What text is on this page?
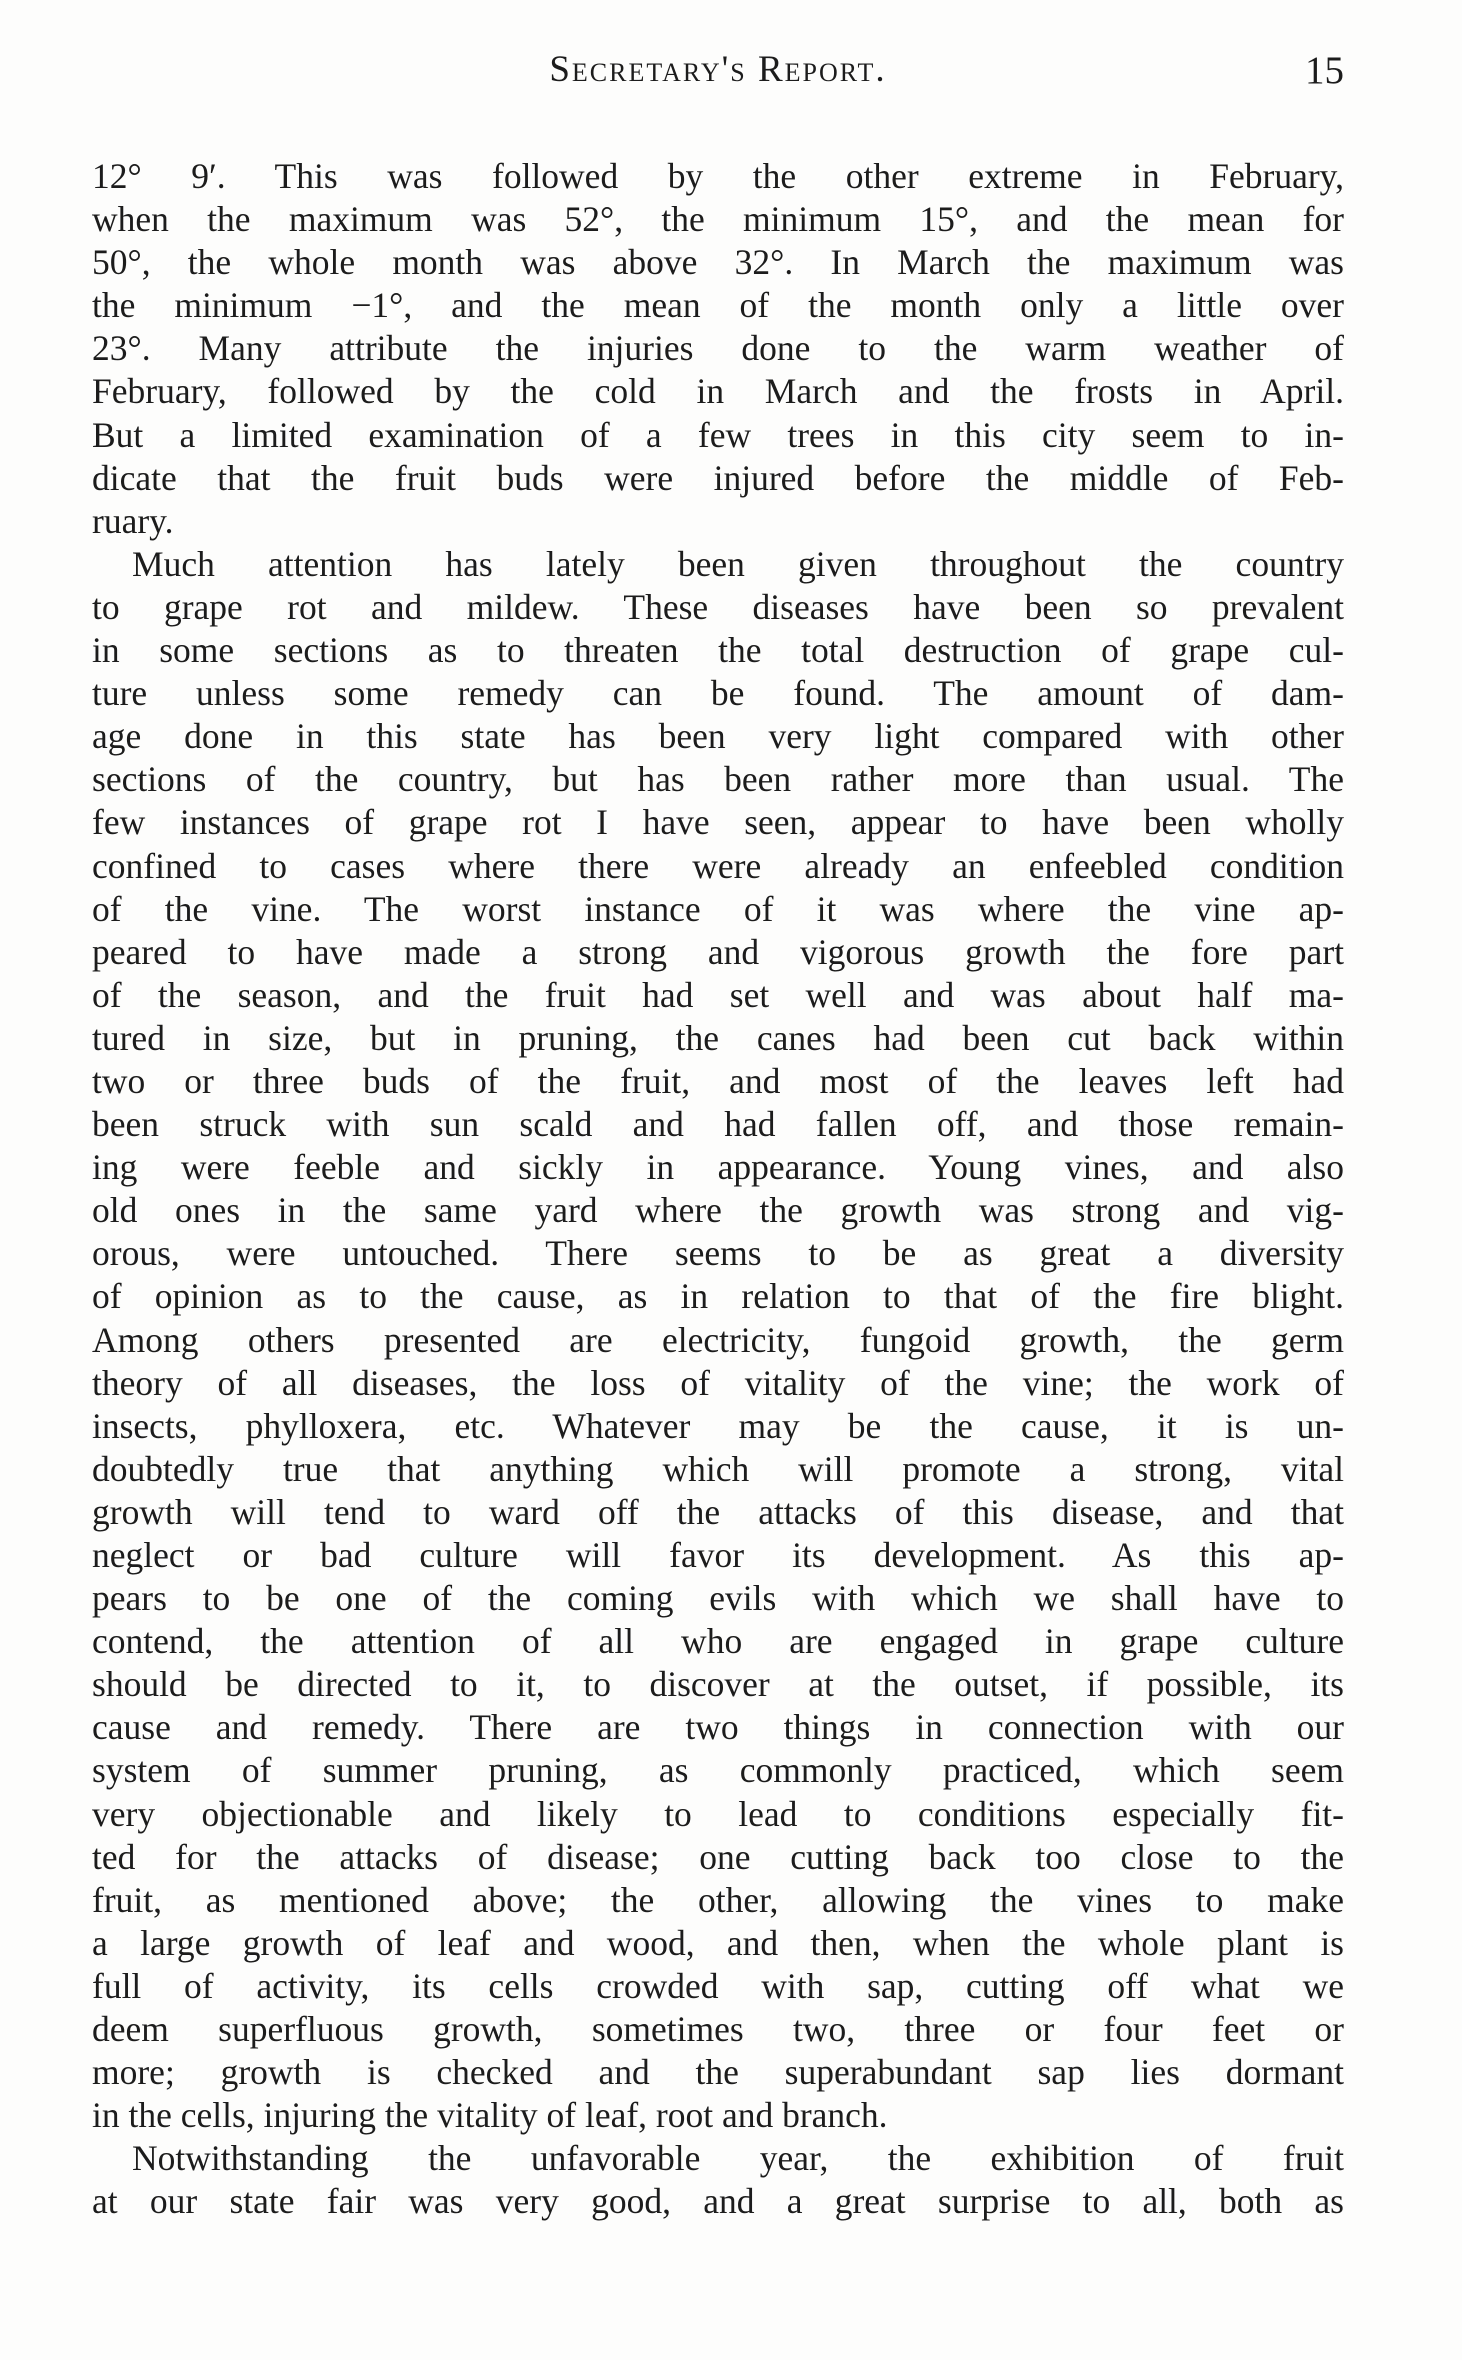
Secretary's Report.	15
12° 9′. This was followed by the other extreme in February,
when the maximum was 52°, the minimum 15°, and the mean for
50°, the whole month was above 32°. In March the maximum was
the minimum −1°, and the mean of the month only a little over
23°. Many attribute the injuries done to the warm weather of
February, followed by the cold in March and the frosts in April.
But a limited examination of a few trees in this city seem to in-
dicate that the fruit buds were injured before the middle of Feb-
ruary.
Much attention has lately been given throughout the country
to grape rot and mildew. These diseases have been so prevalent
in some sections as to threaten the total destruction of grape cul-
ture unless some remedy can be found. The amount of dam-
age done in this state has been very light compared with other
sections of the country, but has been rather more than usual. The
few instances of grape rot I have seen, appear to have been wholly
confined to cases where there were already an enfeebled condition
of the vine. The worst instance of it was where the vine ap-
peared to have made a strong and vigorous growth the fore part
of the season, and the fruit had set well and was about half ma-
tured in size, but in pruning, the canes had been cut back within
two or three buds of the fruit, and most of the leaves left had
been struck with sun scald and had fallen off, and those remain-
ing were feeble and sickly in appearance. Young vines, and also
old ones in the same yard where the growth was strong and vig-
orous, were untouched. There seems to be as great a diversity
of opinion as to the cause, as in relation to that of the fire blight.
Among others presented are electricity, fungoid growth, the germ
theory of all diseases, the loss of vitality of the vine; the work of
insects, phylloxera, etc. Whatever may be the cause, it is un-
doubtedly true that anything which will promote a strong, vital
growth will tend to ward off the attacks of this disease, and that
neglect or bad culture will favor its development. As this ap-
pears to be one of the coming evils with which we shall have to
contend, the attention of all who are engaged in grape culture
should be directed to it, to discover at the outset, if possible, its
cause and remedy. There are two things in connection with our
system of summer pruning, as commonly practiced, which seem
very objectionable and likely to lead to conditions especially fit-
ted for the attacks of disease; one cutting back too close to the
fruit, as mentioned above; the other, allowing the vines to make
a large growth of leaf and wood, and then, when the whole plant is
full of activity, its cells crowded with sap, cutting off what we
deem superfluous growth, sometimes two, three or four feet or
more; growth is checked and the superabundant sap lies dormant
in the cells, injuring the vitality of leaf, root and branch.
Notwithstanding the unfavorable year, the exhibition of fruit
at our state fair was very good, and a great surprise to all, both as
